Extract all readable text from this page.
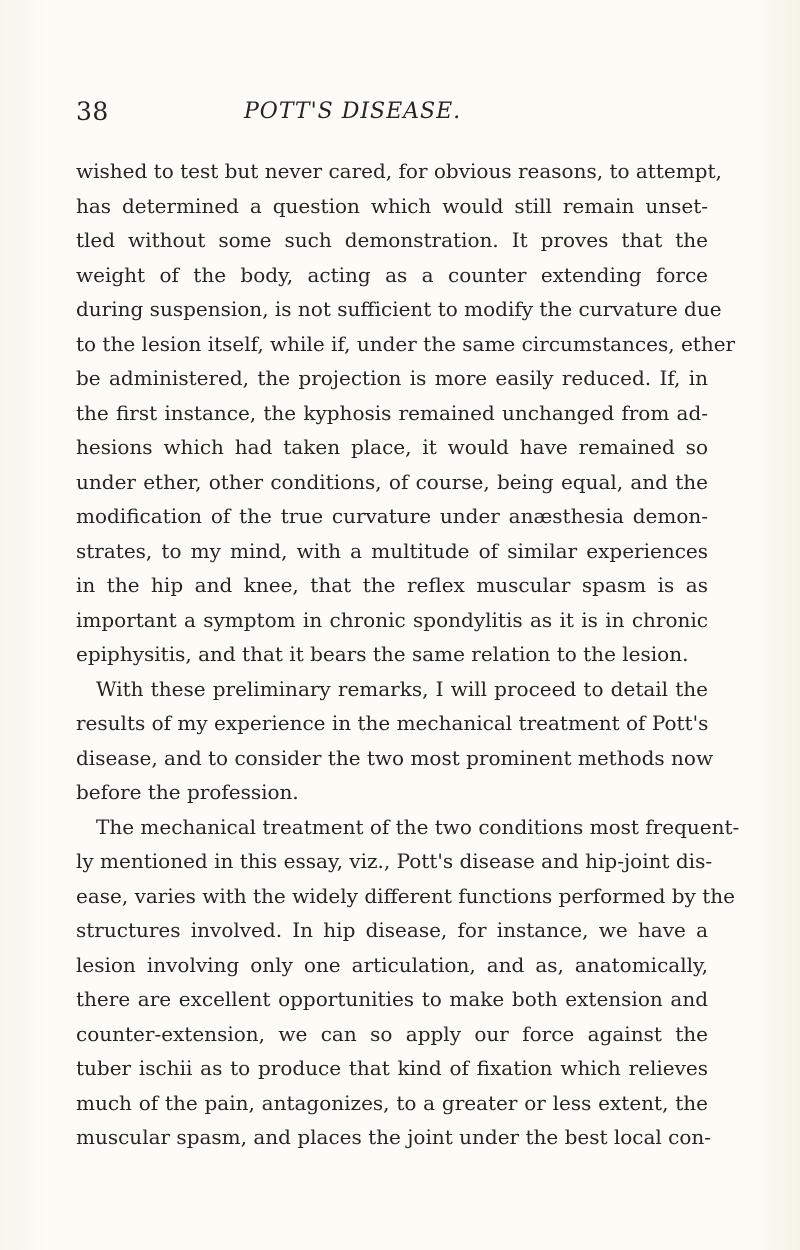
38	POTT'S DISEASE.
wished to test but never cared, for obvious reasons, to attempt,
has determined a question which would still remain unset-
tled without some such demonstration. It proves that the
weight of the body, acting as a counter extending force
during suspension, is not sufficient to modify the curvature due
to the lesion itself, while if, under the same circumstances, ether
be administered, the projection is more easily reduced. If, in
the first instance, the kyphosis remained unchanged from ad-
hesions which had taken place, it would have remained so
under ether, other conditions, of course, being equal, and the
modification of the true curvature under anæsthesia demon-
strates, to my mind, with a multitude of similar experiences
in the hip and knee, that the reflex muscular spasm is as
important a symptom in chronic spondylitis as it is in chronic
epiphysitis, and that it bears the same relation to the lesion.
With these preliminary remarks, I will proceed to detail the
results of my experience in the mechanical treatment of Pott's
disease, and to consider the two most prominent methods now
before the profession.
The mechanical treatment of the two conditions most frequent-
ly mentioned in this essay, viz., Pott's disease and hip-joint dis-
ease, varies with the widely different functions performed by the
structures involved. In hip disease, for instance, we have a
lesion involving only one articulation, and as, anatomically,
there are excellent opportunities to make both extension and
counter-extension, we can so apply our force against the
tuber ischii as to produce that kind of fixation which relieves
much of the pain, antagonizes, to a greater or less extent, the
muscular spasm, and places the joint under the best local con-
